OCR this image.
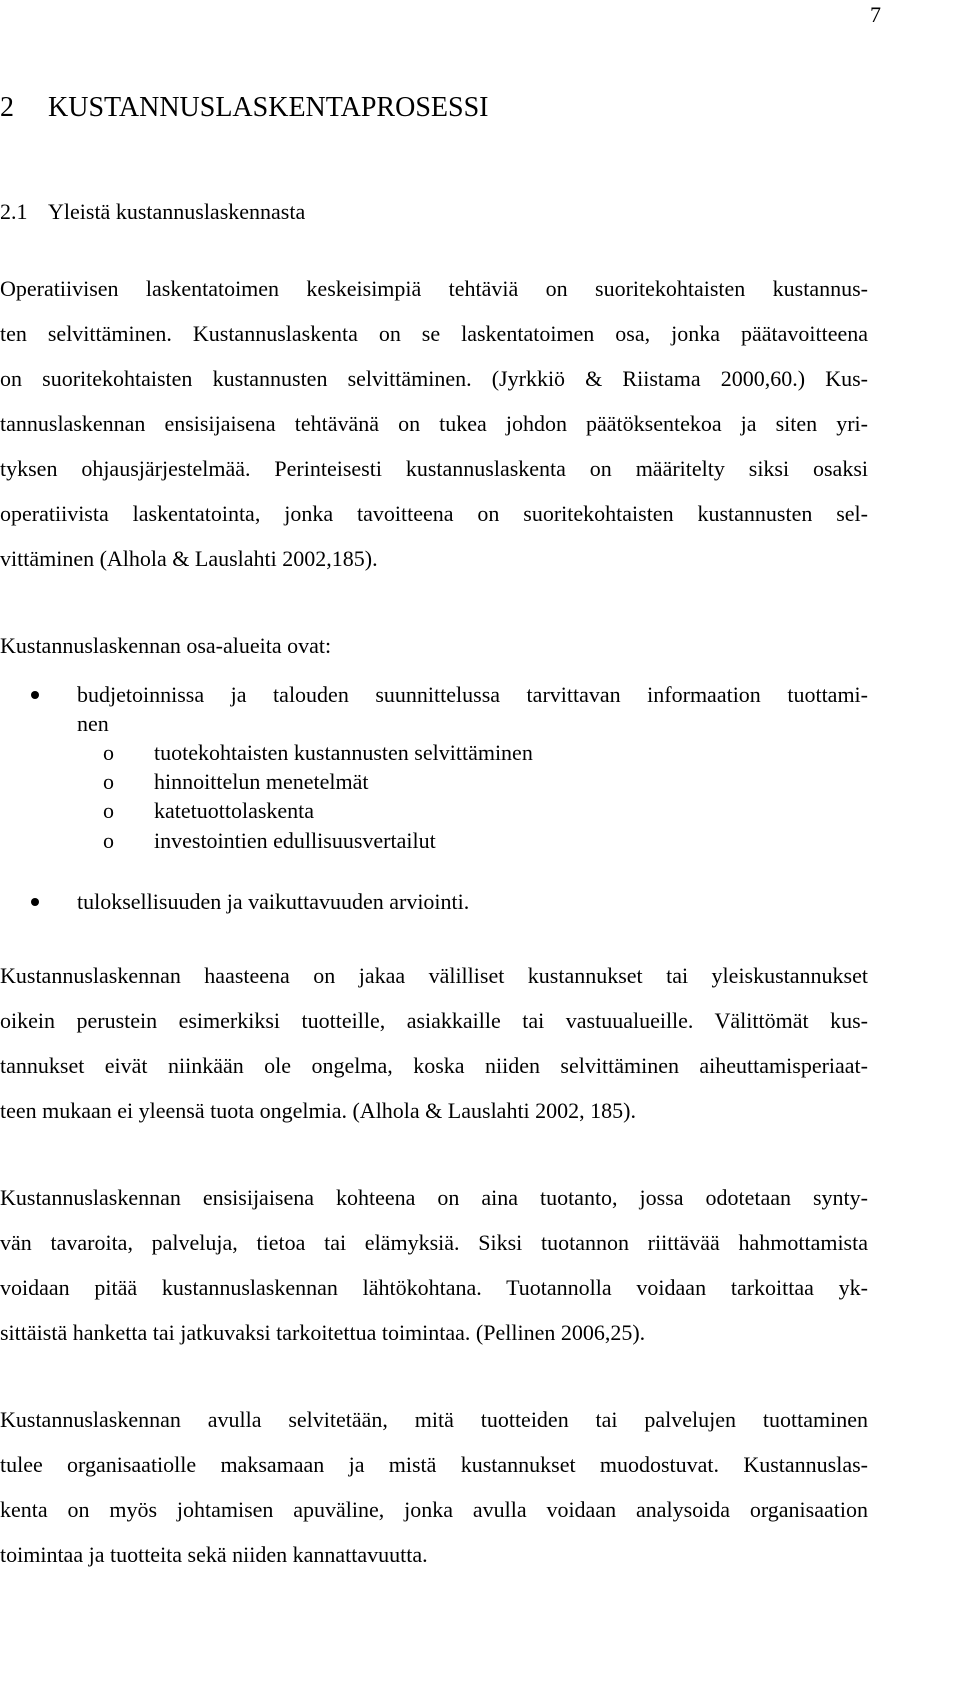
7
2 KUSTANNUSLASKENTAPROSESSI
2.1 Yleistä kustannuslaskennasta
Operatiivisen laskentatoimen keskeisimpiä tehtäviä on suoritekohtaisten kustannus-
ten selvittäminen. Kustannuslaskenta on se laskentatoimen osa, jonka päätavoitteena
on suoritekohtaisten kustannusten selvittäminen. (Jyrkkiö & Riistama 2000,60.) Kus-
tannuslaskennan ensisijaisena tehtävänä on tukea johdon päätöksentekoa ja siten yri-
tyksen ohjausjärjestelmää. Perinteisesti kustannuslaskenta on määritelty siksi osaksi
operatiivista laskentatointa, jonka tavoitteena on suoritekohtaisten kustannusten sel-
vittäminen (Alhola & Lauslahti 2002,185).
Kustannuslaskennan osa-alueita ovat:
budjetoinnissa ja talouden suunnittelussa tarvittavan informaation tuottami-
nen
o tuotekohtaisten kustannusten selvittäminen
o hinnoittelun menetelmät
o katetuottolaskenta
o investointien edullisuusvertailut
tuloksellisuuden ja vaikuttavuuden arviointi.
Kustannuslaskennan haasteena on jakaa välilliset kustannukset tai yleiskustannukset
oikein perustein esimerkiksi tuotteille, asiakkaille tai vastuualueille. Välittömät kus-
tannukset eivät niinkään ole ongelma, koska niiden selvittäminen aiheuttamisperiaat-
teen mukaan ei yleensä tuota ongelmia. (Alhola & Lauslahti 2002, 185).
Kustannuslaskennan ensisijaisena kohteena on aina tuotanto, jossa odotetaan synty-
vän tavaroita, palveluja, tietoa tai elämyksiä. Siksi tuotannon riittävää hahmottamista
voidaan pitää kustannuslaskennan lähtökohtana. Tuotannolla voidaan tarkoittaa yk-
sittäistä hanketta tai jatkuvaksi tarkoitettua toimintaa. (Pellinen 2006,25).
Kustannuslaskennan avulla selvitetään, mitä tuotteiden tai palvelujen tuottaminen
tulee organisaatiolle maksamaan ja mistä kustannukset muodostuvat. Kustannuslas-
kenta on myös johtamisen apuväline, jonka avulla voidaan analysoida organisaation
toimintaa ja tuotteita sekä niiden kannattavuutta.
